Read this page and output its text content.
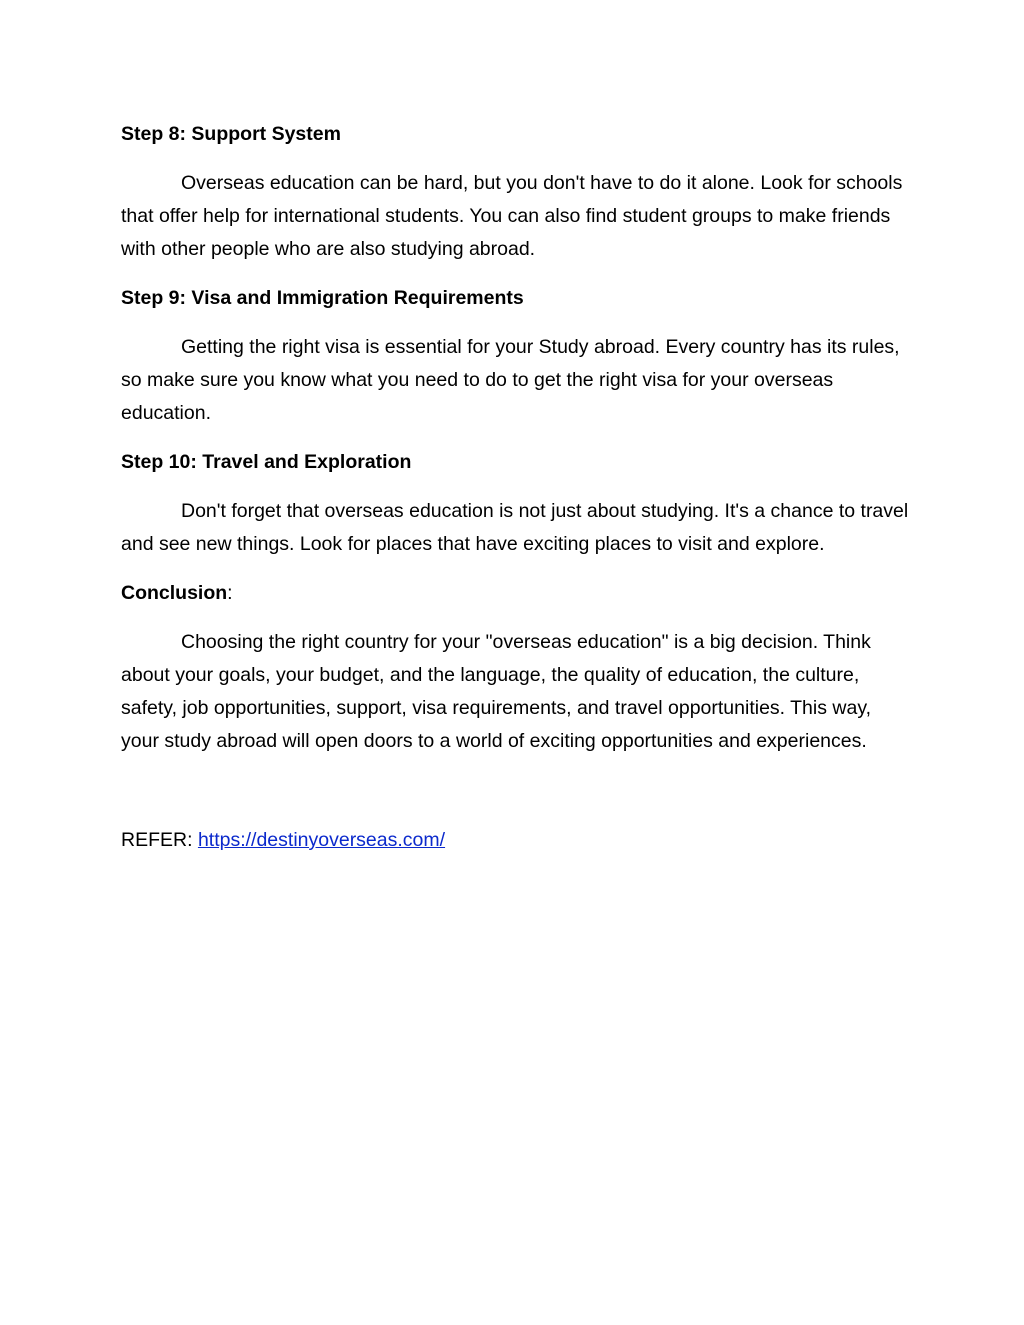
Step 8: Support System

Overseas education can be hard, but you don't have to do it alone. Look for schools that offer help for international students. You can also find student groups to make friends with other people who are also studying abroad.

Step 9: Visa and Immigration Requirements

Getting the right visa is essential for your Study abroad. Every country has its rules, so make sure you know what you need to do to get the right visa for your overseas education.

Step 10: Travel and Exploration

Don't forget that overseas education is not just about studying. It's a chance to travel and see new things. Look for places that have exciting places to visit and explore.

Conclusion:

Choosing the right country for your "overseas education" is a big decision. Think about your goals, your budget, and the language, the quality of education, the culture, safety, job opportunities, support, visa requirements, and travel opportunities. This way, your study abroad will open doors to a world of exciting opportunities and experiences.

REFER: https://destinyoverseas.com/
